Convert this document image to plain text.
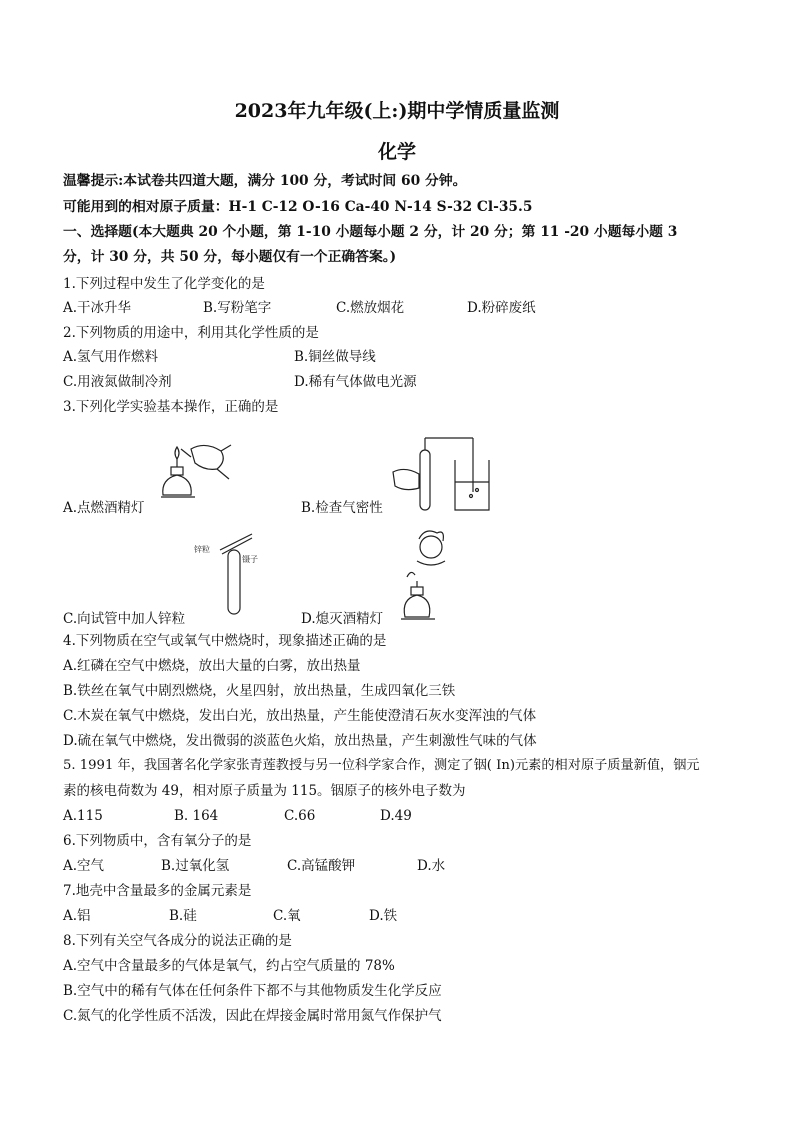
2023年九年级(上:)期中学情质量监测
化学
温馨提示:本试卷共四道大题，满分 100 分，考试时间 60 分钟。
可能用到的相对原子质量：H-1 C-12 O-16 Ca-40 N-14 S-32 Cl-35.5
一、选择题(本大题典 20 个小题，第 1-10 小题每小题 2 分，计 20 分；第 11 -20 小题每小题 3
分，计 30 分，共 50 分，每小题仅有一个正确答案。)
1.下列过程中发生了化学变化的是
A.干冰升华	B.写粉笔字	C.燃放烟花	D.粉碎废纸
2.下列物质的用途中，利用其化学性质的是
A.氢气用作燃料	B.铜丝做导线
C.用液氮做制冷剂	D.稀有气体做电光源
3.下列化学实验基本操作，正确的是
A.点燃酒精灯	B.检查气密性
锌粒
镊子
C.向试管中加人锌粒	D.熄灭酒精灯
4.下列物质在空气或氧气中燃烧时，现象描述正确的是
A.红磷在空气中燃烧，放出大量的白雾，放出热量
B.铁丝在氧气中剧烈燃烧，火星四射，放出热量，生成四氧化三铁
C.木炭在氧气中燃烧，发出白光，放出热量，产生能使澄清石灰水变浑浊的气体
D.硫在氧气中燃烧，发出微弱的淡蓝色火焰，放出热量，产生刺激性气味的气体
5. 1991 年，我国著名化学家张青莲教授与另一位科学家合作，测定了铟( In)元素的相对原子质量新值，铟元
素的核电荷数为 49，相对原子质量为 115。铟原子的核外电子数为
A.115	B. 164	C.66	D.49
6.下列物质中，含有氧分子的是
A.空气	B.过氧化氢	C.高锰酸钾	D.水
7.地壳中含量最多的金属元素是
A.铝	B.硅	C.氧	D.铁
8.下列有关空气各成分的说法正确的是
A.空气中含量最多的气体是氧气，约占空气质量的 78%
B.空气中的稀有气体在任何条件下都不与其他物质发生化学反应
C.氮气的化学性质不活泼，因此在焊接金属时常用氮气作保护气
